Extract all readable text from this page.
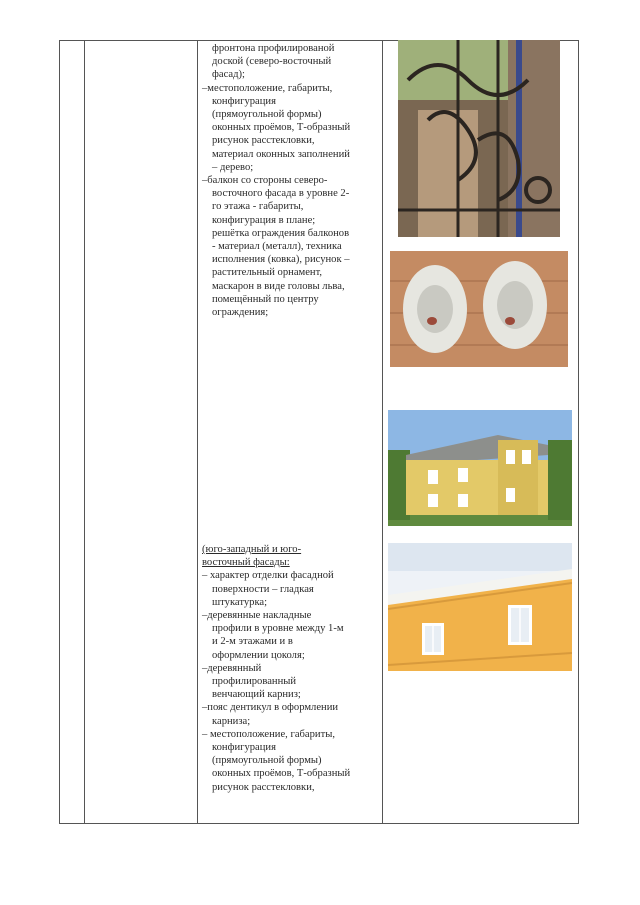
фронтона профилированой
доской (северо-восточный
фасад);
–местоположение, габариты,
конфигурация
(прямоугольной формы)
оконных проёмов, Т-образный
рисунок расстекловки,
материал оконных заполнений
– дерево;
–балкон со стороны северо-
восточного фасада в уровне 2-
го этажа - габариты,
конфигурация в плане;
решётка ограждения балконов
- материал (металл), техника
исполнения (ковка), рисунок –
растительный орнамент,
маскарон в виде головы льва,
помещённый по центру
ограждения;
(юго-западный и юго-
восточный фасады:
– характер отделки фасадной
поверхности – гладкая
штукатурка;
–деревянные накладные
профили в уровне между 1-м
и 2-м этажами и в
оформлении цоколя;
–деревянный
профилированный
венчающий карниз;
–пояс дентикул в оформлении
карниза;
– местоположение, габариты,
конфигурация
(прямоугольной формы)
оконных проёмов, Т-образный
рисунок расстекловки,
